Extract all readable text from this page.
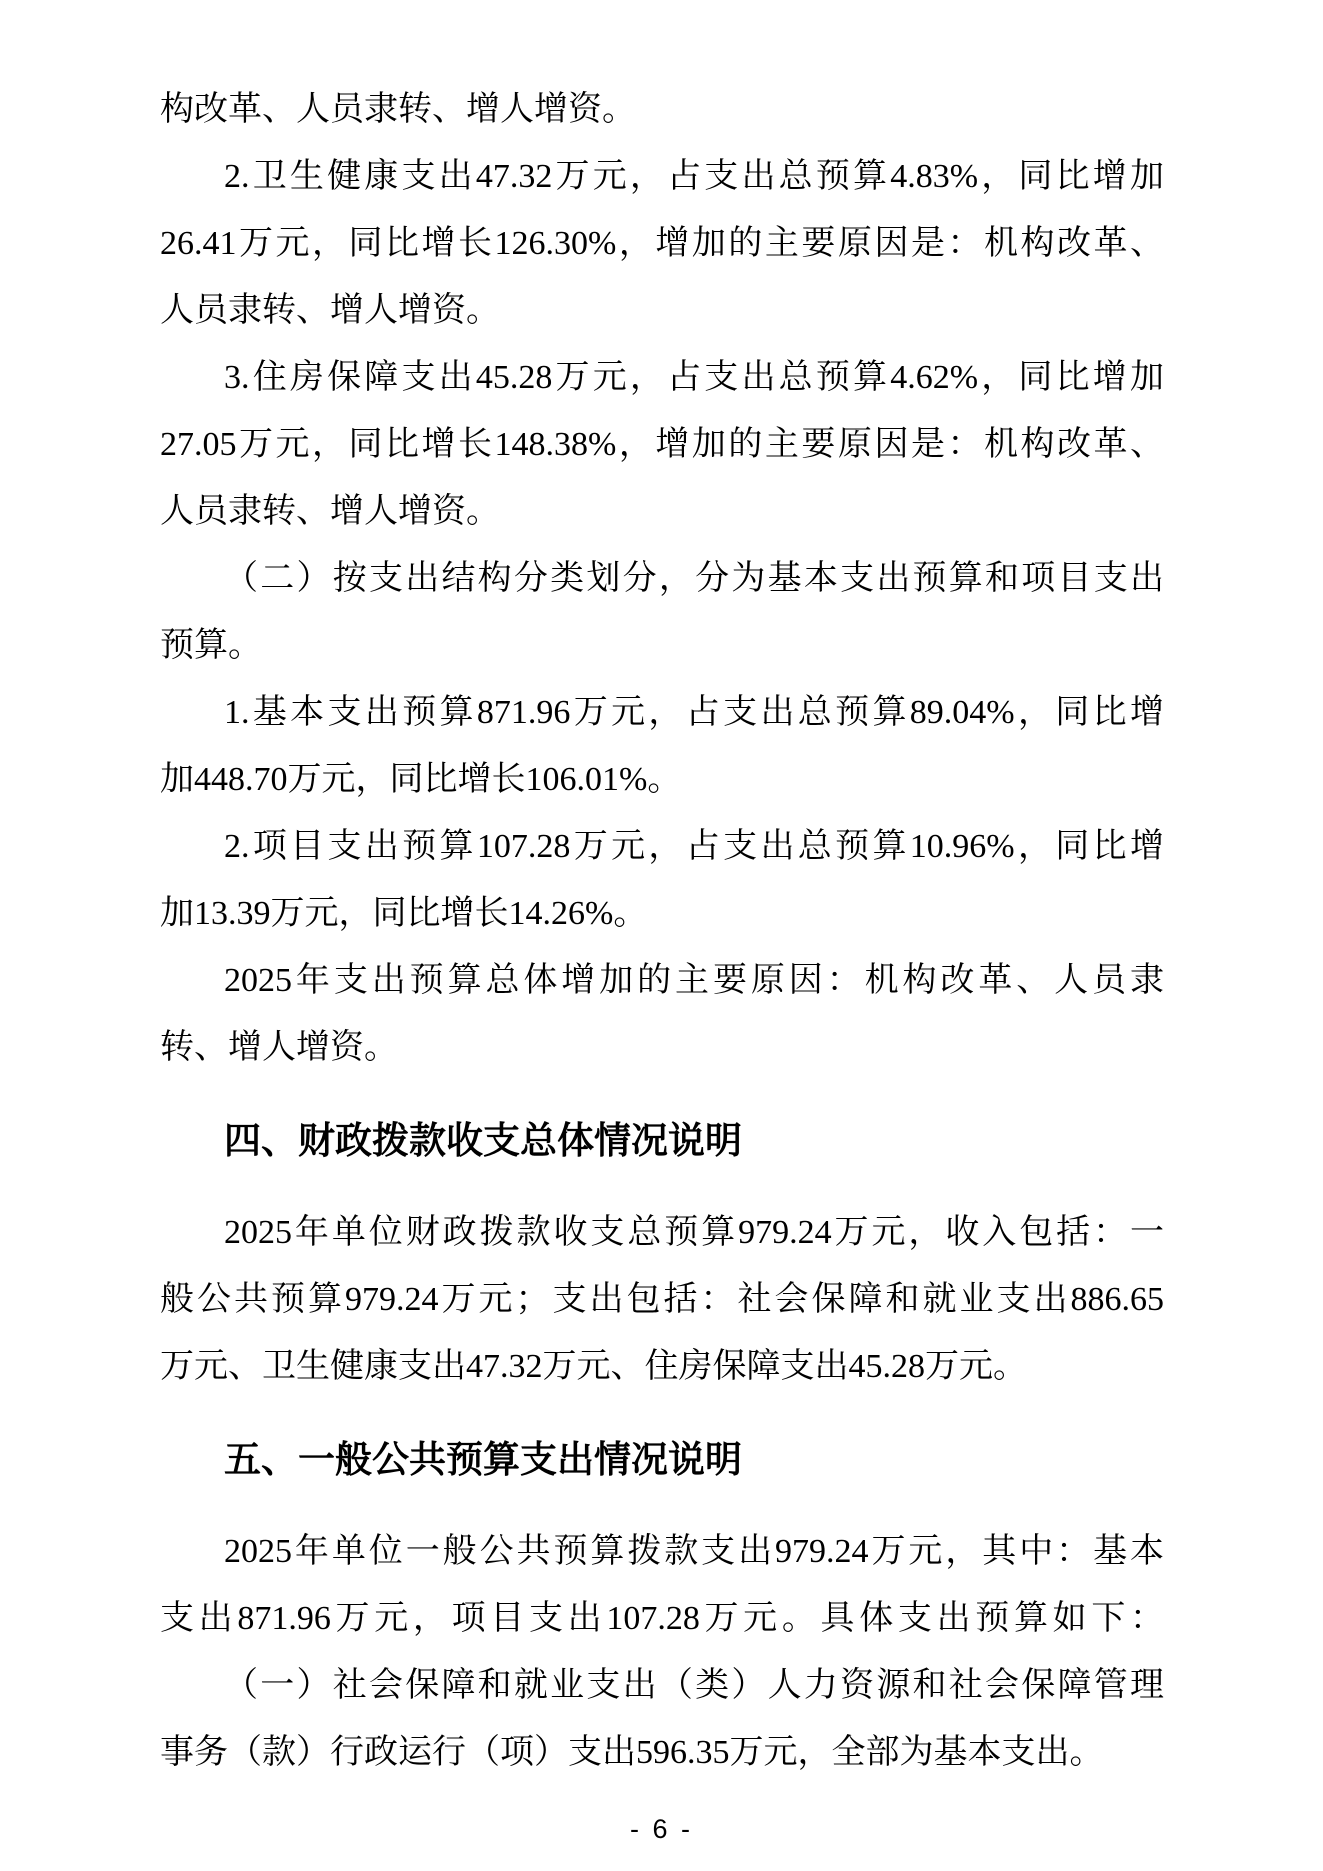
构改革、人员隶转、增人增资。
2.卫生健康支出47.32万元，占支出总预算4.83%，同比增加
26.41万元，同比增长126.30%，增加的主要原因是：机构改革、
人员隶转、增人增资。
3.住房保障支出45.28万元，占支出总预算4.62%，同比增加
27.05万元，同比增长148.38%，增加的主要原因是：机构改革、
人员隶转、增人增资。
（二）按支出结构分类划分，分为基本支出预算和项目支出
预算。
1.基本支出预算871.96万元，占支出总预算89.04%，同比增
加448.70万元，同比增长106.01%。
2.项目支出预算107.28万元，占支出总预算10.96%，同比增
加13.39万元，同比增长14.26%。
2025年支出预算总体增加的主要原因：机构改革、人员隶
转、增人增资。
四、财政拨款收支总体情况说明
2025年单位财政拨款收支总预算979.24万元，收入包括：一
般公共预算979.24万元；支出包括：社会保障和就业支出886.65
万元、卫生健康支出47.32万元、住房保障支出45.28万元。
五、一般公共预算支出情况说明
2025年单位一般公共预算拨款支出979.24万元，其中：基本
支出871.96万元，项目支出107.28万元。具体支出预算如下：
（一）社会保障和就业支出（类）人力资源和社会保障管理
事务（款）行政运行（项）支出596.35万元，全部为基本支出。
- 6 -
